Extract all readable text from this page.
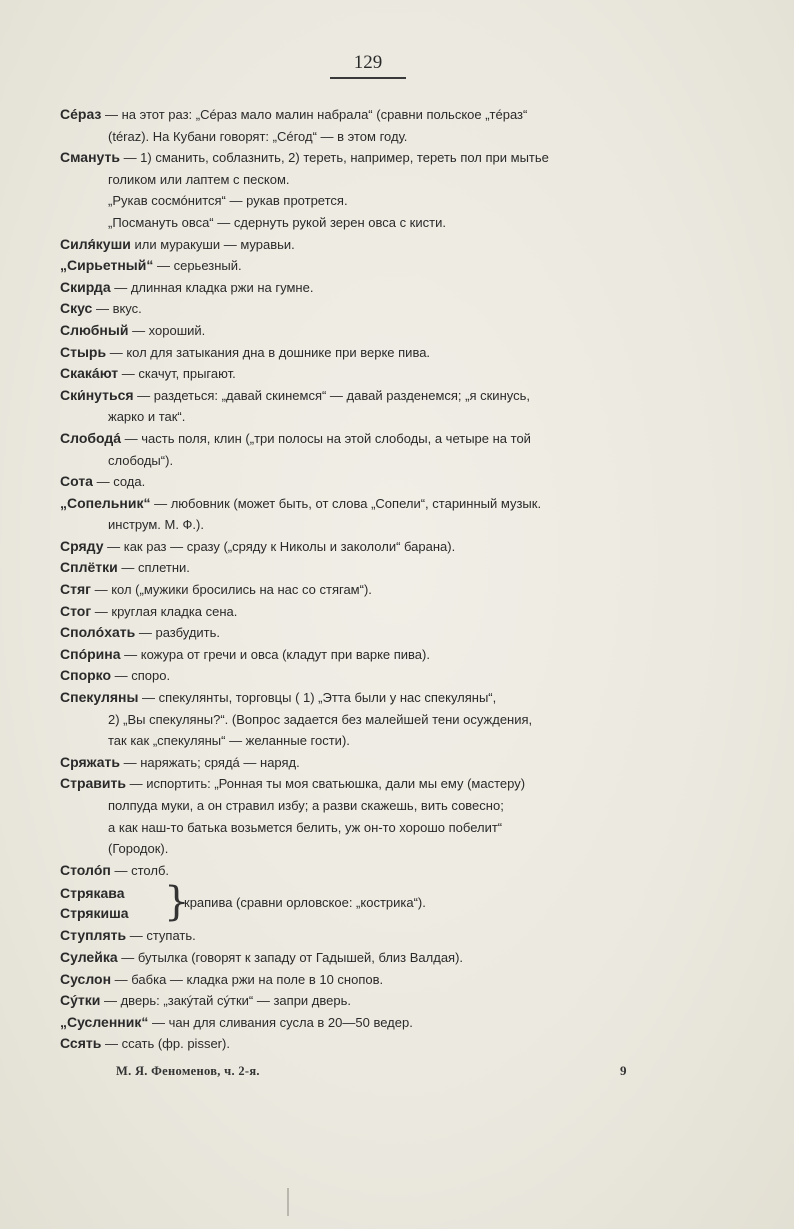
129
Сéраз — на этот раз: „Сéраз мало малин набрала“ (сравни польское „тéраз“
(téraz). На Кубани говорят: „Сéгод“ — в этом году.
Смануть — 1) сманить, соблазнить, 2) тереть, например, тереть пол при мытье
голиком или лаптем с песком.
„Рукав сосмóнится“ — рукав протрется.
„Посмануть овса“ — сдернуть рукой зерен овса с кисти.
Силя́куши или муракуши — муравьи.
„Сирьетный“ — серьезный.
Скирда — длинная кладка ржи на гумне.
Скус — вкус.
Слюбный — хороший.
Стырь — кол для затыкания дна в дошнике при верке пива.
Скакáют — скачут, прыгают.
Ски́нуться — раздеться: „давай скинемся“ — давай разденемся; „я скинусь,
жарко и так“.
Слободá — часть поля, клин („три полосы на этой слободы, а четыре на той
слободы“).
Сота — сода.
„Сопельник“ — любовник (может быть, от слова „Сопели“, старинный музык.
инструм. М. Ф.).
Сряду — как раз — сразу („сряду к Николы и закололи“ барана).
Сплётки — сплетни.
Стяг — кол („мужики бросились на нас со стягам“).
Стог — круглая кладка сена.
Сполóхать — разбудить.
Спóрина — кожура от гречи и овса (кладут при варке пива).
Спорко — споро.
Спекуляны — спекулянты, торговцы ( 1) „Этта были у нас спекуляны“,
2) „Вы спекуляны?“. (Вопрос задается без малейшей тени осуждения,
так как „спекуляны“ — желанные гости).
Сряжать — наряжать; срядá — наряд.
Стравить — испортить: „Ронная ты моя сватьюшка, дали мы ему (мастеру)
полпуда муки, а он стравил избу; а разви скажешь, вить совесно;
а как наш-то батька возьмется белить, уж он-то хорошо побелит“
(Городок).
Столóп — столб.
Стрякава
Стрякиша }
крапива (сравни орловское: „кострика“).
Ступлять — ступать.
Сулейка — бутылка (говорят к западу от Гадышей, близ Валдая).
Суслон — бабка — кладка ржи на поле в 10 снопов.
Сýтки — дверь: „закýтай сýтки“ — запри дверь.
„Сусленник“ — чан для сливания сусла в 20—50 ведер.
Ссять — ссать (фр. pisser).
М. Я. Феноменов, ч. 2-я.	9
